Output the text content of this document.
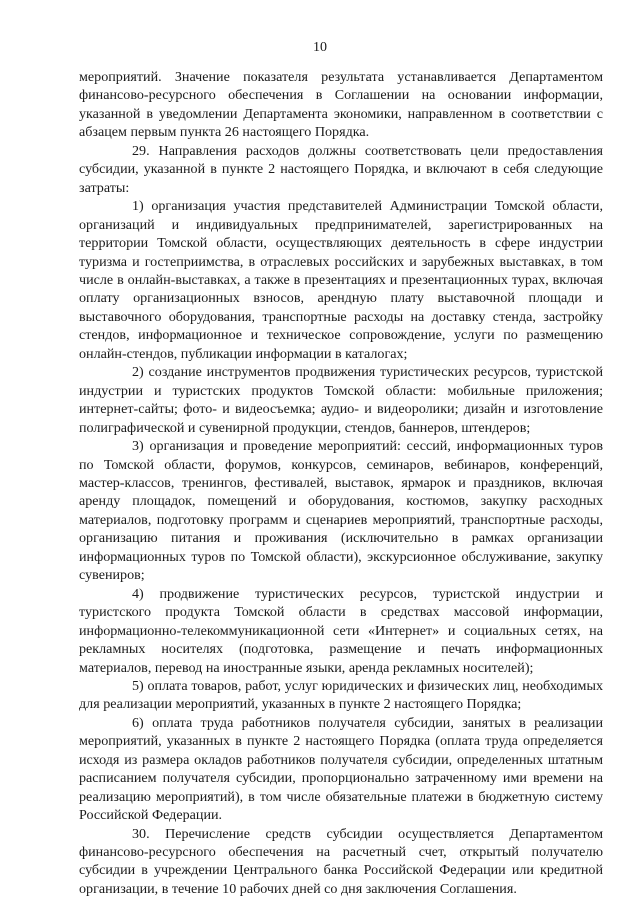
10

мероприятий. Значение показателя результата устанавливается Департаментом финансово-ресурсного обеспечения в Соглашении на основании информации, указанной в уведомлении Департамента экономики, направленном в соответствии с абзацем первым пункта 26 настоящего Порядка.

29. Направления расходов должны соответствовать цели предоставления субсидии, указанной в пункте 2 настоящего Порядка, и включают в себя следующие затраты:

1) организация участия представителей Администрации Томской области, организаций и индивидуальных предпринимателей, зарегистрированных на территории Томской области, осуществляющих деятельность в сфере индустрии туризма и гостеприимства, в отраслевых российских и зарубежных выставках, в том числе в онлайн-выставках, а также в презентациях и презентационных турах, включая оплату организационных взносов, арендную плату выставочной площади и выставочного оборудования, транспортные расходы на доставку стенда, застройку стендов, информационное и техническое сопровождение, услуги по размещению онлайн-стендов, публикации информации в каталогах;

2) создание инструментов продвижения туристических ресурсов, туристской индустрии и туристских продуктов Томской области: мобильные приложения; интернет-сайты; фото- и видеосъемка; аудио- и видеоролики; дизайн и изготовление полиграфической и сувенирной продукции, стендов, баннеров, штендеров;

3) организация и проведение мероприятий: сессий, информационных туров по Томской области, форумов, конкурсов, семинаров, вебинаров, конференций, мастер-классов, тренингов, фестивалей, выставок, ярмарок и праздников, включая аренду площадок, помещений и оборудования, костюмов, закупку расходных материалов, подготовку программ и сценариев мероприятий, транспортные расходы, организацию питания и проживания (исключительно в рамках организации информационных туров по Томской области), экскурсионное обслуживание, закупку сувениров;

4) продвижение туристических ресурсов, туристской индустрии и туристского продукта Томской области в средствах массовой информации, информационно-телекоммуникационной сети «Интернет» и социальных сетях, на рекламных носителях (подготовка, размещение и печать информационных материалов, перевод на иностранные языки, аренда рекламных носителей);

5) оплата товаров, работ, услуг юридических и физических лиц, необходимых для реализации мероприятий, указанных в пункте 2 настоящего Порядка;

6) оплата труда работников получателя субсидии, занятых в реализации мероприятий, указанных в пункте 2 настоящего Порядка (оплата труда определяется исходя из размера окладов работников получателя субсидии, определенных штатным расписанием получателя субсидии, пропорционально затраченному ими времени на реализацию мероприятий), в том числе обязательные платежи в бюджетную систему Российской Федерации.

30. Перечисление средств субсидии осуществляется Департаментом финансово-ресурсного обеспечения на расчетный счет, открытый получателю субсидии в учреждении Центрального банка Российской Федерации или кредитной организации, в течение 10 рабочих дней со дня заключения Соглашения.
